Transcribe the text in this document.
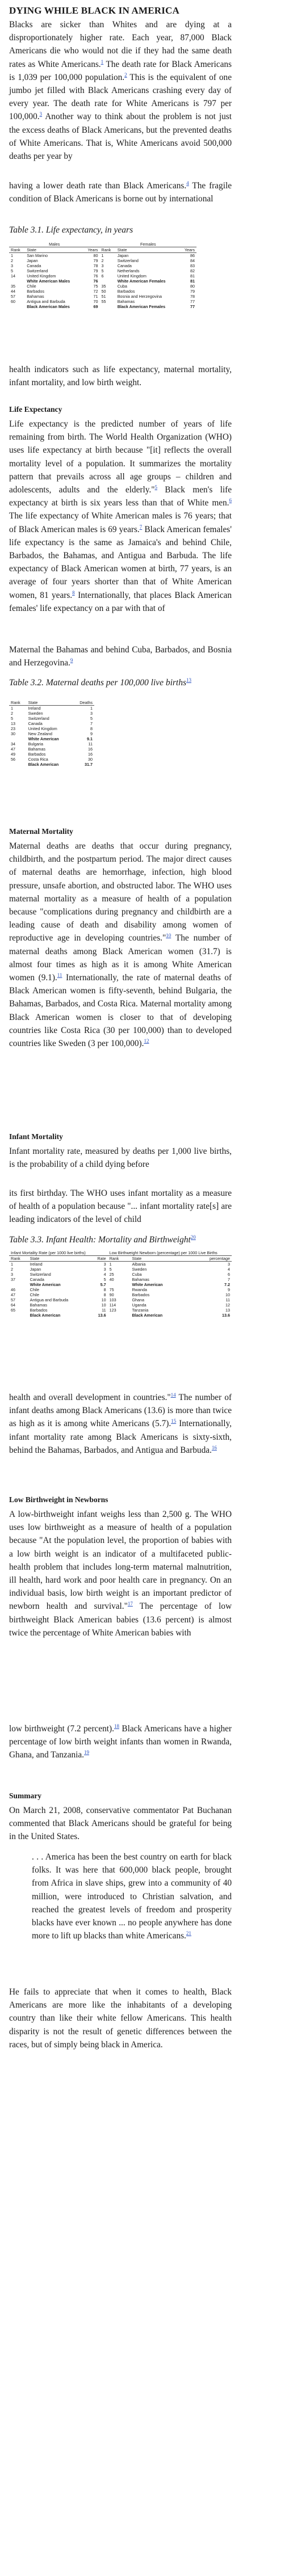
DYING WHILE BLACK IN AMERICA

Blacks are sicker than Whites and are dying at a disproportionately higher rate. Each year, 87,000 Black Americans die who would not die if they had the same death rates as White Americans.$^1$ The death rate for Black Americans is 1,039 per 100,000 population.$^2$ This is the equivalent of one jumbo jet filled with Black Americans crashing every day of every year. The death rate for White Americans is 797 per 100,000.$^3$ Another way to think about the problem is not just the excess deaths of Black Americans, but the prevented deaths of White Americans. That is, White Americans avoid 500,000 deaths per year by

having a lower death rate than Black Americans.$^4$ The fragile condition of Black Americans is borne out by international

Table 3.1. Life expectancy, in years

Males			Females		

Rank	State	Years	Rank	State	Years

1	San Marino	80	1	Japan	86
2	Japan	79	2	Switzerland	84
3	Canada	78	3	Canada	83
5	Switzerland	79	5	Netherlands	82
14	United Kingdom	76	6	United Kingdom	81
	White American Males	76		White American Females	81
35	Chile	75	35	Cuba	80
44	Barbados	72	50	Barbados	79
57	Bahamas	71	51	Bosnia and Herzegovina	78
60	Antigua and Barbuda	70	55	Bahamas	77
	Black American Males	69		Black American Females	77

health indicators such as life expectancy, maternal mortality, infant mortality, and low birth weight.

Life Expectancy

Life expectancy is the predicted number of years of life remaining from birth. The World Health Organization (WHO) uses life expectancy at birth because "[it] reflects the overall mortality level of a population. It summarizes the mortality pattern that prevails across all age groups – children and adolescents, adults and the elderly."$^5$ Black men's life expectancy at birth is six years less than that of White men.$^6$ The life expectancy of White American males is 76 years; that of Black American males is 69 years.$^7$ Black American females' life expectancy is the same as Jamaica's and behind Chile, Barbados, the Bahamas, and Antigua and Barbuda. The life expectancy of Black American women at birth, 77 years, is an average of four years shorter than that of White American women, 81 years.$^8$ Internationally, that places Black American females' life expectancy on a par with that of

Maternal the Bahamas and behind Cuba, Barbados, and Bosnia and Herzegovina.$^9$

Table 3.2. Maternal deaths per 100,000 live births$^{13}$

Rank	State	Deaths

1	Ireland	1
2	Sweden	3
5	Switzerland	5
13	Canada	7
23	United Kingdom	8
30	New Zealand	9
	White American	9.1
34	Bulgaria	11
47	Bahamas	16
49	Barbados	16
56	Costa Rica	30
	Black American	31.7
Maternal Mortality

Maternal deaths are deaths that occur during pregnancy, childbirth, and the postpartum period. The major direct causes of maternal deaths are hemorrhage, infection, high blood pressure, unsafe abortion, and obstructed labor. The WHO uses maternal mortality as a measure of health of a population because "complications during pregnancy and childbirth are a leading cause of death and disability among women of reproductive age in developing countries."$^{10}$ The number of maternal deaths among Black American women (31.7) is almost four times as high as it is among White American women (9.1).$^{11}$ Internationally, the rate of maternal deaths of Black American women is fifty-seventh, behind Bulgaria, the Bahamas, Barbados, and Costa Rica. Maternal mortality among Black American women is closer to that of developing countries like Costa Rica (30 per 100,000) than to developed countries like Sweden (3 per 100,000).$^{12}$

Infant Mortality

Infant mortality rate, measured by deaths per 1,000 live births, is the probability of a child dying before

its first birthday. The WHO uses infant mortality as a measure of health of a population because "... infant mortality rate[s] are leading indicators of the level of child

Table 3.3. Infant Health: Mortality and Birthweight$^{20}$

Infant Mortality Rate (per 1000 live births)			Low Birthweight Newborn (percentage) per 1000 Live Births		

Rank	State	Rate	Rank	State	percentage

1	Ireland	3	1	Albania	3
2	Japan	3	5	Sweden	4
3	Switzerland	4	25	Cuba	6
37	Canada	5	40	Bahamas	7
	White American	5.7		White American	7.2
46	Chile	8	75	Rwanda	9
47	Chile	8	90	Barbados	10
57	Antigua and Barbuda	10	103	Ghana	11
64	Bahamas	10	114	Uganda	12
65	Barbados	11	123	Tanzania	13
	Black American	13.6		Black American	13.6

health and overall development in countries."$^{14}$ The number of infant deaths among Black Americans (13.6) is more than twice as high as it is among white Americans (5.7).$^{15}$ Internationally, infant mortality rate among Black Americans is sixty-sixth, behind the Bahamas, Barbados, and Antigua and Barbuda.$^{16}$

Low Birthweight in Newborns

A low-birthweight infant weighs less than 2,500 g. The WHO uses low birthweight as a measure of health of a population because "At the population level, the proportion of babies with a low birth weight is an indicator of a multifaceted public-health problem that includes long-term maternal malnutrition, ill health, hard work and poor health care in pregnancy. On an individual basis, low birth weight is an important predictor of newborn health and survival."$^{17}$ The percentage of low birthweight Black American babies (13.6 percent) is almost twice the percentage of White American babies with

low birthweight (7.2 percent).$^{18}$ Black Americans have a higher percentage of low birth weight infants than women in Rwanda, Ghana, and Tanzania.$^{19}$

Summary

On March 21, 2008, conservative commentator Pat Buchanan commented that Black Americans should be grateful for being in the United States.

. . . America has been the best country on earth for black folks. It was here that 600,000 black people, brought from Africa in slave ships, grew into a community of 40 million, were introduced to Christian salvation, and reached the greatest levels of freedom and prosperity blacks have ever known ... no people anywhere has done more to lift up blacks than white Americans.$^{21}$

He fails to appreciate that when it comes to health, Black Americans are more like the inhabitants of a developing country than like their white fellow Americans. This health disparity is not the result of genetic differences between the races, but of simply being black in America.
